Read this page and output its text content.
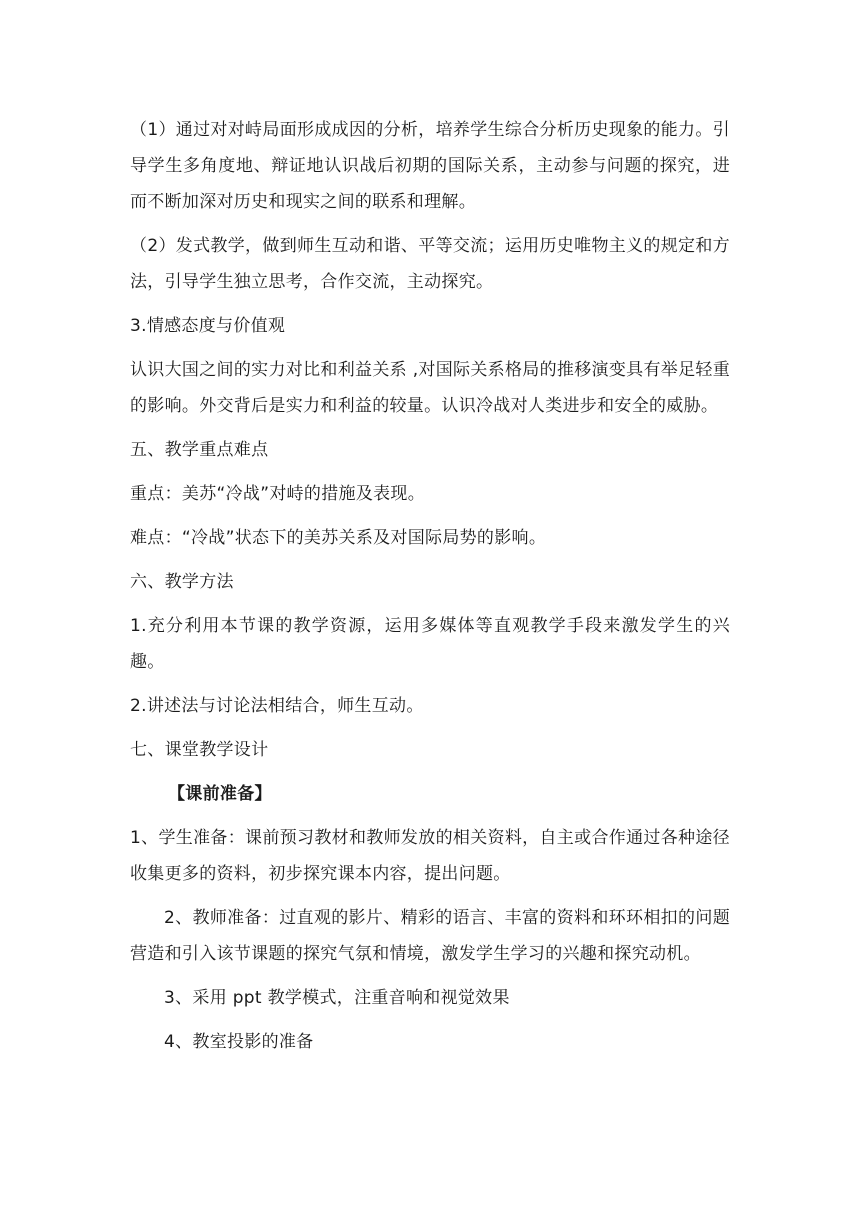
（1）通过对对峙局面形成成因的分析，培养学生综合分析历史现象的能力。引导学生多角度地、辩证地认识战后初期的国际关系，主动参与问题的探究，进而不断加深对历史和现实之间的联系和理解。

（2）发式教学，做到师生互动和谐、平等交流；运用历史唯物主义的规定和方法，引导学生独立思考，合作交流，主动探究。

3.情感态度与价值观

认识大国之间的实力对比和利益关系 ,对国际关系格局的推移演变具有举足轻重的影响。外交背后是实力和利益的较量。认识冷战对人类进步和安全的威胁。

五、教学重点难点

重点：美苏“冷战”对峙的措施及表现。

难点：“冷战”状态下的美苏关系及对国际局势的影响。

六、教学方法

1.充分利用本节课的教学资源，运用多媒体等直观教学手段来激发学生的兴趣。

2.讲述法与讨论法相结合，师生互动。

七、课堂教学设计

【课前准备】

1、学生准备：课前预习教材和教师发放的相关资料，自主或合作通过各种途径收集更多的资料，初步探究课本内容，提出问题。

2、教师准备：过直观的影片、精彩的语言、丰富的资料和环环相扣的问题营造和引入该节课题的探究气氛和情境，激发学生学习的兴趣和探究动机。

3、采用 ppt 教学模式，注重音响和视觉效果

4、教室投影的准备
